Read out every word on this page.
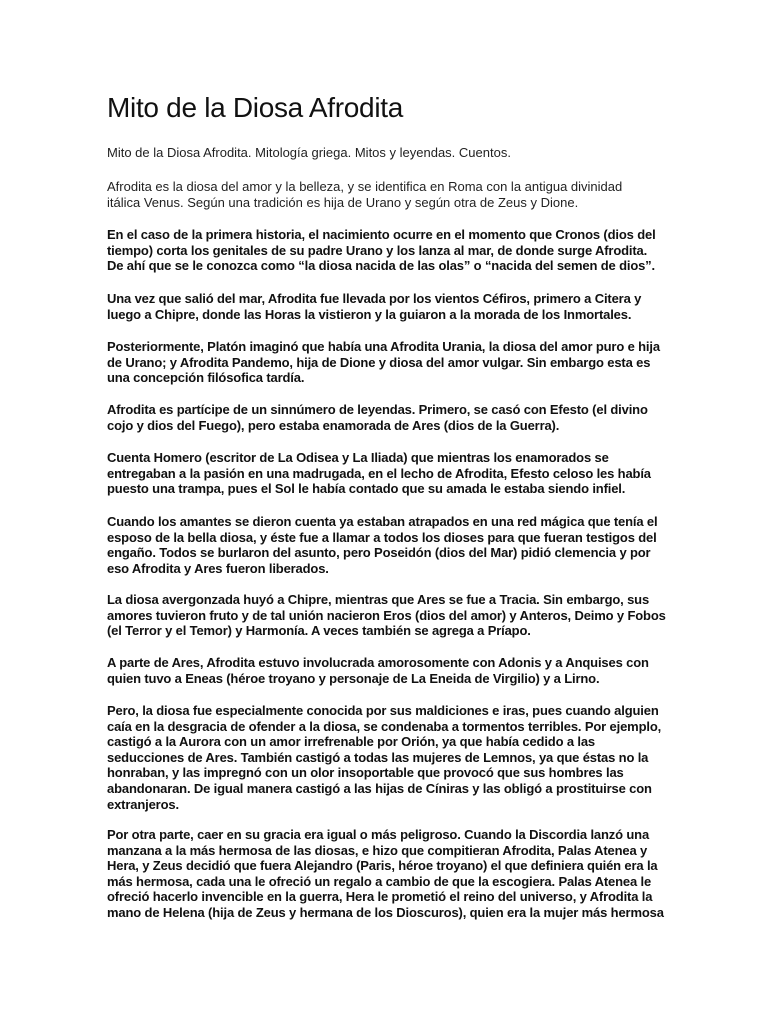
Mito de la Diosa Afrodita

Mito de la Diosa Afrodita. Mitología griega. Mitos y leyendas. Cuentos.

Afrodita es la diosa del amor y la belleza, y se identifica en Roma con la antigua divinidad
itálica Venus. Según una tradición es hija de Urano y según otra de Zeus y Dione.

En el caso de la primera historia, el nacimiento ocurre en el momento que Cronos (dios del
tiempo) corta los genitales de su padre Urano y los lanza al mar, de donde surge Afrodita.
De ahí que se le conozca como “la diosa nacida de las olas” o “nacida del semen de dios”.

Una vez que salió del mar, Afrodita fue llevada por los vientos Céfiros, primero a Citera y
luego a Chipre, donde las Horas la vistieron y la guiaron a la morada de los Inmortales.

Posteriormente, Platón imaginó que había una Afrodita Urania, la diosa del amor puro e hija
de Urano; y Afrodita Pandemo, hija de Dione y diosa del amor vulgar. Sin embargo esta es
una concepción filósofica tardía.

Afrodita es partícipe de un sinnúmero de leyendas. Primero, se casó con Efesto (el divino
cojo y dios del Fuego), pero estaba enamorada de Ares (dios de la Guerra).

Cuenta Homero (escritor de La Odisea y La Iliada) que mientras los enamorados se
entregaban a la pasión en una madrugada, en el lecho de Afrodita, Efesto celoso les había
puesto una trampa, pues el Sol le había contado que su amada le estaba siendo infiel.

Cuando los amantes se dieron cuenta ya estaban atrapados en una red mágica que tenía el
esposo de la bella diosa, y éste fue a llamar a todos los dioses para que fueran testigos del
engaño. Todos se burlaron del asunto, pero Poseidón (dios del Mar) pidió clemencia y por
eso Afrodita y Ares fueron liberados.

La diosa avergonzada huyó a Chipre, mientras que Ares se fue a Tracia. Sin embargo, sus
amores tuvieron fruto y de tal unión nacieron Eros (dios del amor) y Anteros, Deimo y Fobos
(el Terror y el Temor) y Harmonía. A veces también se agrega a Príapo.

A parte de Ares, Afrodita estuvo involucrada amorosomente con Adonis y a Anquises con
quien tuvo a Eneas (héroe troyano y personaje de La Eneida de Virgilio) y a Lirno.

Pero, la diosa fue especialmente conocida por sus maldiciones e iras, pues cuando alguien
caía en la desgracia de ofender a la diosa, se condenaba a tormentos terribles. Por ejemplo,
castigó a la Aurora con un amor irrefrenable por Orión, ya que había cedido a las
seducciones de Ares. También castigó a todas las mujeres de Lemnos, ya que éstas no la
honraban, y las impregnó con un olor insoportable que provocó que sus hombres las
abandonaran. De igual manera castigó a las hijas de Cíniras y las obligó a prostituirse con
extranjeros.

Por otra parte, caer en su gracia era igual o más peligroso. Cuando la Discordia lanzó una
manzana a la más hermosa de las diosas, e hizo que compitieran Afrodita, Palas Atenea y
Hera, y Zeus decidió que fuera Alejandro (Paris, héroe troyano) el que definiera quién era la
más hermosa, cada una le ofreció un regalo a cambio de que la escogiera. Palas Atenea le
ofreció hacerlo invencible en la guerra, Hera le prometió el reino del universo, y Afrodita la
mano de Helena (hija de Zeus y hermana de los Dioscuros), quien era la mujer más hermosa
